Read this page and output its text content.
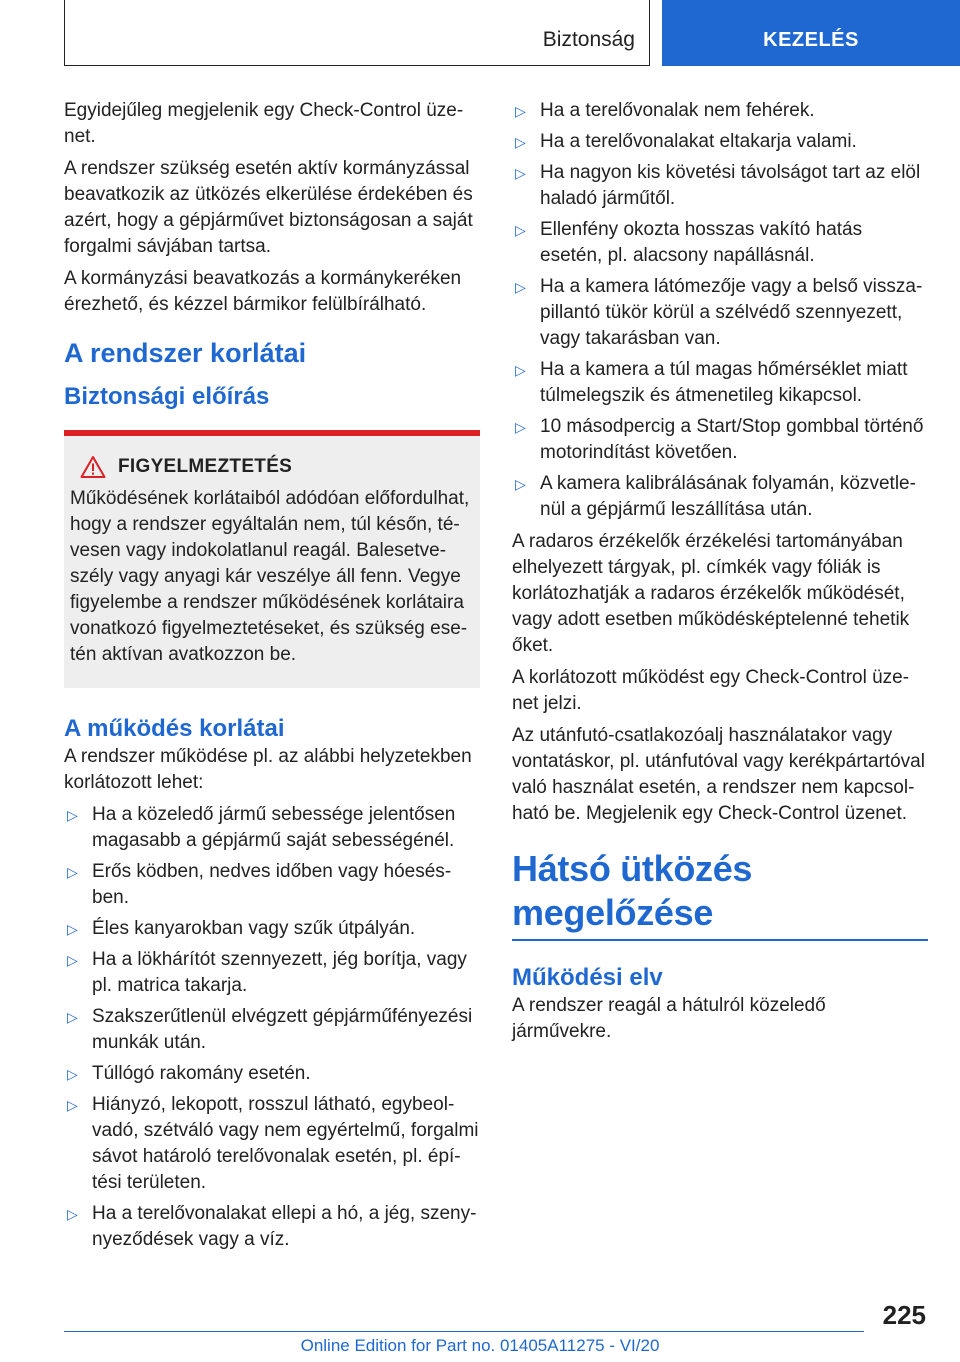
Biztonság	KEZELÉS

Egyidejűleg megjelenik egy Check-Control üzenet.

A rendszer szükség esetén aktív kormányzással beavatkozik az ütközés elkerülése érdekében és azért, hogy a gépjárművet biztonságosan a saját forgalmi sávjában tartsa.

A kormányzási beavatkozás a kormánykeréken érezhető, és kézzel bármikor felülbírálható.

A rendszer korlátai
Biztonsági előírás
FIGYELMEZTETÉS
Működésének korlátaiból adódóan előfordulhat, hogy a rendszer egyáltalán nem, túl későn, tévesen vagy indokolatlanul reagál. Balesetveszély vagy anyagi kár veszélye áll fenn. Vegye figyelembe a rendszer működésének korlátaira vonatkozó figyelmeztetéseket, és szükség esetén aktívan avatkozzon be.
A működés korlátai

A rendszer működése pl. az alábbi helyzetekben korlátozott lehet:

▷ Ha a közeledő jármű sebessége jelentősen magasabb a gépjármű saját sebességénél.
▷ Erős ködben, nedves időben vagy hóesésben.
▷ Éles kanyarokban vagy szűk útpályán.
▷ Ha a lökhárítót szennyezett, jég borítja, vagy pl. matrica takarja.
▷ Szakszerűtlenül elvégzett gépjárműfényezési munkák után.
▷ Túllógó rakomány esetén.
▷ Hiányzó, lekopott, rosszul látható, egybeolvadó, szétváló vagy nem egyértelmű, forgalmi sávot határoló terelővonalak esetén, pl. építési területen.
▷ Ha a terelővonalakat ellepi a hó, a jég, szenynyeződések vagy a víz.
▷ Ha a terelővonalak nem fehérek.
▷ Ha a terelővonalakat eltakarja valami.
▷ Ha nagyon kis követési távolságot tart az elöl haladó járműtől.
▷ Ellenfény okozta hosszas vakító hatás esetén, pl. alacsony napállásnál.
▷ Ha a kamera látómezője vagy a belső visszapillantó tükör körül a szélvédő szennyezett, vagy takarásban van.
▷ Ha a kamera a túl magas hőmérséklet miatt túlmelegszik és átmenetileg kikapcsol.
▷ 10 másodpercig a Start/Stop gombbal történő motorindítást követően.
▷ A kamera kalibrálásának folyamán, közvetlenül a gépjármű leszállítása után.

A radaros érzékelők érzékelési tartományában elhelyezett tárgyak, pl. címkék vagy fóliák is korlátozhatják a radaros érzékelők működését, vagy adott esetben működésképtelenné tehetik őket.

A korlátozott működést egy Check-Control üzenet jelzi.

Az utánfutó-csatlakozóalj használatakor vagy vontatáskor, pl. utánfutóval vagy kerékpártartóval való használat esetén, a rendszer nem kapcsolható be. Megjelenik egy Check-Control üzenet.

Hátsó ütközés megelőzése
Működési elv

A rendszer reagál a hátulról közeledő járművekre.

225
Online Edition for Part no. 01405A11275 - VI/20
